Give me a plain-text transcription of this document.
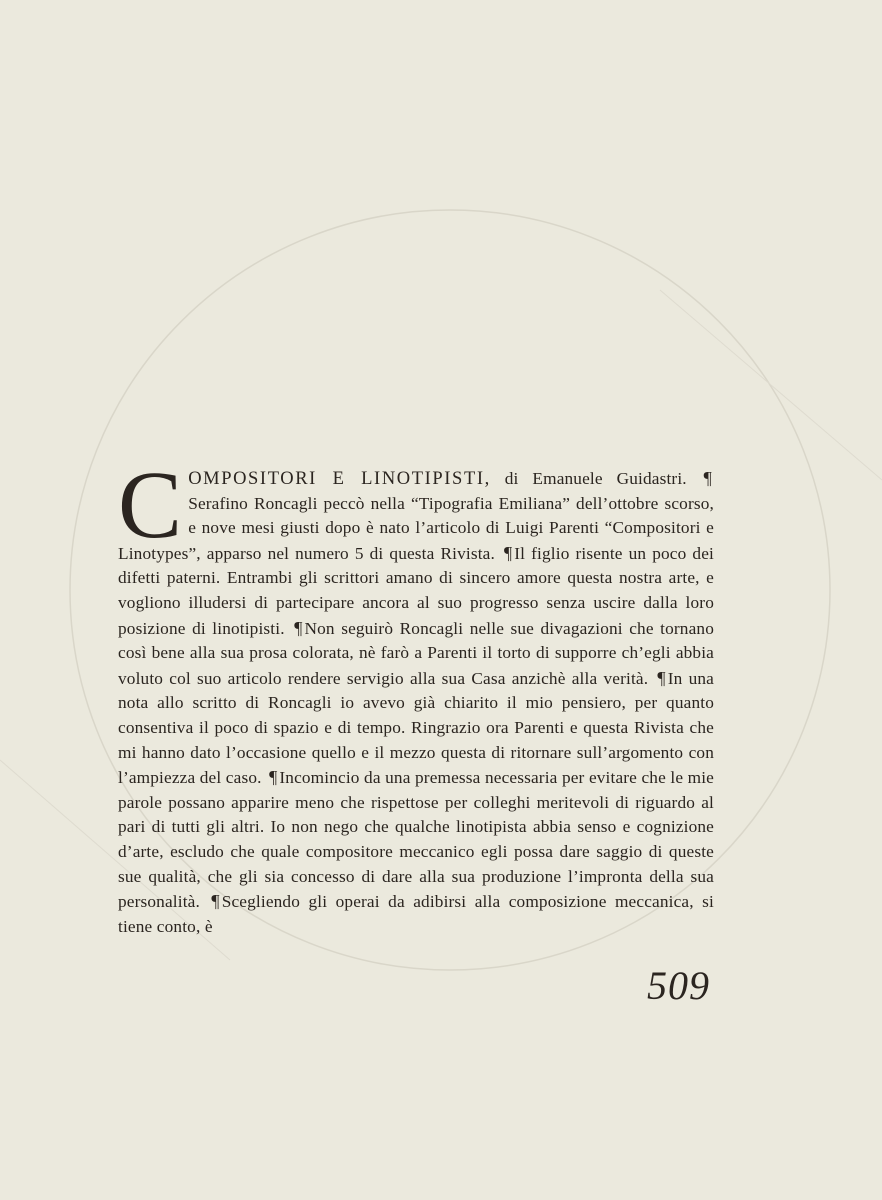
C OMPOSITORI E LINOTIPISTI, di Emanuele Guidastri. ¶Serafino Roncagli peccò nella “Tipografia Emiliana” dell’ottobre scorso, e nove mesi giusti dopo è nato l’articolo di Luigi Parenti “Compositori e Linotypes”, apparso nel numero 5 di questa Rivista. ¶ Il figlio risente un poco dei difetti paterni. Entrambi gli scrittori amano di sincero amore questa nostra arte, e vogliono illudersi di partecipare ancora al suo progresso senza uscire dalla loro posizione di linotipisti. ¶ Non seguirò Roncagli nelle sue divagazioni che tornano così bene alla sua prosa colorata, nè farò a Parenti il torto di supporre ch’egli abbia voluto col suo articolo rendere servigio alla sua Casa anzichè alla verità. ¶ In una nota allo scritto di Roncagli io avevo già chiarito il mio pensiero, per quanto consentiva il poco di spazio e di tempo. Ringrazio ora Parenti e questa Rivista che mi hanno dato l’occasione quello e il mezzo questa di ritornare sull’argomento con l’ampiezza del caso. ¶ Incomincio da una premessa necessaria per evitare che le mie parole possano apparire meno che rispettose per colleghi meritevoli di riguardo al pari di tutti gli altri. Io non nego che qualche linotipista abbia senso e cognizione d’arte, escludo che quale compositore meccanico egli possa dare saggio di queste sue qualità, che gli sia concesso di dare alla sua produzione l’impronta della sua personalità. ¶ Scegliendo gli operai da adibirsi alla composizione meccanica, si tiene conto, è
509
